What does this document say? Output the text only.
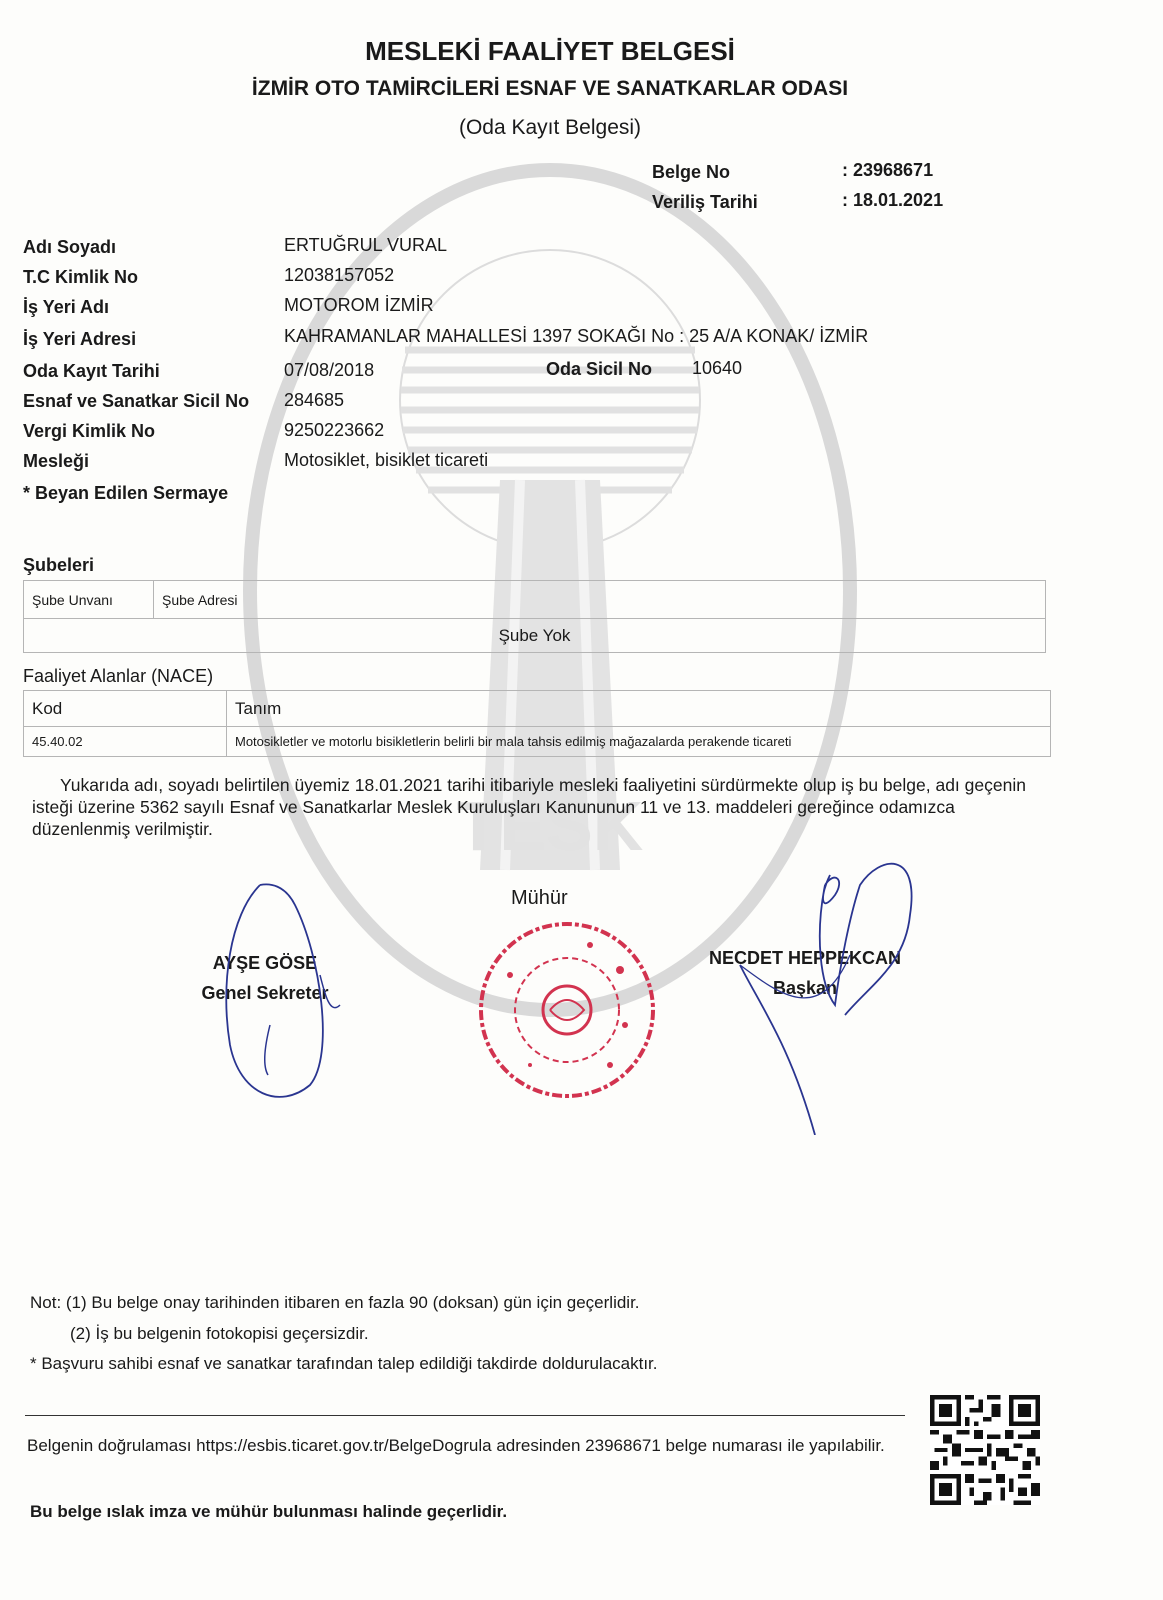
TESK
MESLEKİ FAALİYET BELGESİ
İZMİR OTO TAMİRCİLERİ ESNAF VE SANATKARLAR ODASI
(Oda Kayıt Belgesi)
Belge No	: 23968671
Veriliş Tarihi	: 18.01.2021
Adı Soyadı	ERTUĞRUL VURAL
T.C Kimlik No	12038157052
İş Yeri Adı	MOTOROM İZMİR
İş Yeri Adresi	KAHRAMANLAR MAHALLESİ 1397 SOKAĞI No : 25 A/A KONAK/ İZMİR
Oda Kayıt Tarihi	07/08/2018	Oda Sicil No 10640
Esnaf ve Sanatkar Sicil No 284685
Vergi Kimlik No	9250223662
Mesleği	Motosiklet, bisiklet ticareti
* Beyan Edilen Sermaye
Şubeleri
Şube Unvanı	Şube Adresi
Şube Yok
Faaliyet Alanlar (NACE)
Kod	Tanım
45.40.02	Motosikletler ve motorlu bisikletlerin belirli bir mala tahsis edilmiş mağazalarda perakende ticareti
Yukarıda adı, soyadı belirtilen üyemiz 18.01.2021 tarihi itibariyle mesleki faaliyetini sürdürmekte olup iş bu belge, adı geçenin isteği üzerine 5362 sayılı Esnaf ve Sanatkarlar Meslek Kuruluşları Kanununun 11 ve 13. maddeleri gereğince odamızca düzenlenmiş verilmiştir.
Mühür
AYŞE GÖSE
Genel Sekreter
NECDET HEPPEKCAN
Başkan
Not: (1) Bu belge onay tarihinden itibaren en fazla 90 (doksan) gün için geçerlidir.
(2) İş bu belgenin fotokopisi geçersizdir.
* Başvuru sahibi esnaf ve sanatkar tarafından talep edildiği takdirde doldurulacaktır.
Belgenin doğrulaması https://esbis.ticaret.gov.tr/BelgeDogrula adresinden 23968671 belge numarası ile yapılabilir.
Bu belge ıslak imza ve mühür bulunması halinde geçerlidir.
